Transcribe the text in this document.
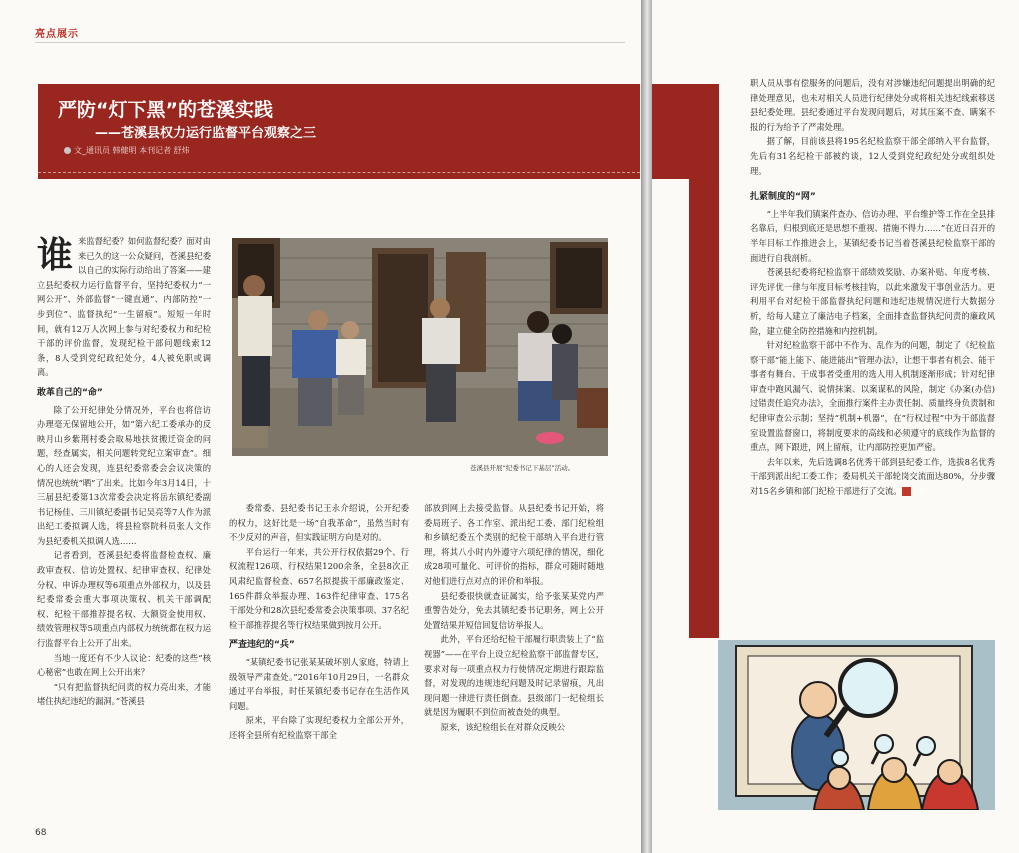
亮点展示
严防“灯下黑”的苍溪实践
——苍溪县权力运行监督平台观察之三
文_通讯员 韩健明 本刊记者 舒炜
谁 来监督纪委？如何监督纪委？面对由来已久的这一公众疑问，苍溪县纪委以自己的实际行动给出了答案——建立县纪委权力运行监督平台，坚持纪委权力“一网公开”、外部监督“一键直通”、内部防控“一步到位”、监督执纪“一生留痕”。短短一年时间，就有12万人次网上参与对纪委权力和纪检干部的评价监督，发现纪检干部问题线索12条，8人受到党纪政纪处分，4人被免职或调离。

敢革自己的“命”

除了公开纪律处分情况外，平台也将信访办理毫无保留地公开，如“第六纪工委承办的反映月山乡紫荆村委会取易地扶贫搬迁资金的问题，经查属实，相关问题转党纪立案审查”。细心的人还会发现，连县纪委常委会会议决策的情况也统统“晒”了出来。比如今年3月14日，十三届县纪委第13次常委会决定将岳东镇纪委副书记杨佳、三川镇纪委副书记吴亮等7人作为派出纪工委拟调人选，将县检察院科员张人文作为县纪委机关拟调人选……

记者看到，苍溪县纪委将监督检查权、廉政审查权、信访处置权、纪律审查权、纪律处分权、申诉办理权等6项重点外部权力，以及县纪委常委会重大事项决策权、机关干部调配权、纪检干部推荐提名权、大额资金使用权、绩效管理权等5项重点内部权力统统都在权力运行监督平台上公开了出来。

当地一度还有不少人议论：纪委的这些“核心秘密”也敢在网上公开出来？

“只有把监督执纪问责的权力亮出来，才能堵住执纪违纪的漏洞。”苍溪县

苍溪县开展“纪委书记下基层”活动。

委常委、县纪委书记王永介绍说，公开纪委的权力，这好比是一场“自我革命”，虽然当时有不少反对的声音，但实践证明方向是对的。

平台运行一年来，共公开行权依据29个、行权流程126项、行权结果1200余条，全县8次正风肃纪监督检查、657名拟提拔干部廉政鉴定、165件群众举报办理、163件纪律审查、175名干部处分和28次县纪委常委会决策事项、37名纪检干部推荐提名等行权结果做到按月公开。

严查违纪的“兵”

“某镇纪委书记张某某破坏别人家庭，特请上级领导严肃查处。”2016年10月29日，一名群众通过平台举报，时任某镇纪委书记存在生活作风问题。

原来，平台除了实现纪委权力全部公开外，还将全县所有纪检监察干部全

部放到网上去接受监督。从县纪委书记开始，将委局班子、各工作室、派出纪工委、部门纪检组和乡镇纪委五个类别的纪检干部纳入平台进行管理，将其八小时内外遵守六项纪律的情况，细化成28项可量化、可评价的指标，群众可随时随地对他们进行点对点的评价和举报。

县纪委很快就查证属实，给予张某某党内严重警告处分，免去其镇纪委书记职务，网上公开处置结果并短信回复信访举报人。

此外，平台还给纪检干部履行职责装上了“监视器”——在平台上设立纪检监察干部监督专区，要求对每一项重点权力行使情况定期进行跟踪监督，对发现的违规违纪问题及时记录留痕，凡出现问题一律进行责任倒查。县级部门一纪检组长就是因为履职不到位而被查处的典型。

原来，该纪检组长在对群众反映公

68

职人员从事有偿服务的问题后，没有对涉嫌违纪问题提出明确的纪律处理意见，也未对相关人员进行纪律处分或将相关违纪线索移送县纪委处理。县纪委通过平台发现问题后，对其压案不查、瞒案不报的行为给予了严肃处理。

据了解，目前该县将195名纪检监察干部全部纳入平台监督，先后有31名纪检干部被约谈，12人受到党纪政纪处分或组织处理。

扎紧制度的“网”

“上半年我们镇案件查办、信访办理、平台维护等工作在全县排名靠后，归根到底还是思想不重视、措施不得力……”在近日召开的半年目标工作推进会上，某镇纪委书记当着苍溪县纪检监察干部的面进行自我剖析。

苍溪县纪委将纪检监察干部绩效奖励、办案补贴、年度考核、评先评优一律与年度目标考核挂钩，以此来激发干事创业活力。更利用平台对纪检干部监督执纪问题和违纪违规情况进行大数据分析，给每人建立了廉洁电子档案，全面排查监督执纪问责的廉政风险，建立健全防控措施和内控机制。

针对纪检监察干部中不作为、乱作为的问题，制定了《纪检监察干部“能上能下、能进能出”管理办法》，让想干事者有机会、能干事者有舞台、干成事者受重用的选人用人机制逐渐形成；针对纪律审查中跑风漏气、说情抹案、以案谋私的风险，制定《办案(办信)过错责任追究办法》，全面推行案件主办责任制、质量终身负责制和纪律审查公示制；坚持“机制+机器”，在“行权过程”中为干部监督室设置监督窗口，将制度要求的高线和必须遵守的底线作为监督的重点，网下跟进，网上留痕，让内部防控更加严密。

去年以来，先后选调8名优秀干部到县纪委工作，选拔8名优秀干部到派出纪工委工作；委局机关干部轮岗交流面达80%，分步骤对15名乡镇和部门纪检干部进行了交流。	圆
